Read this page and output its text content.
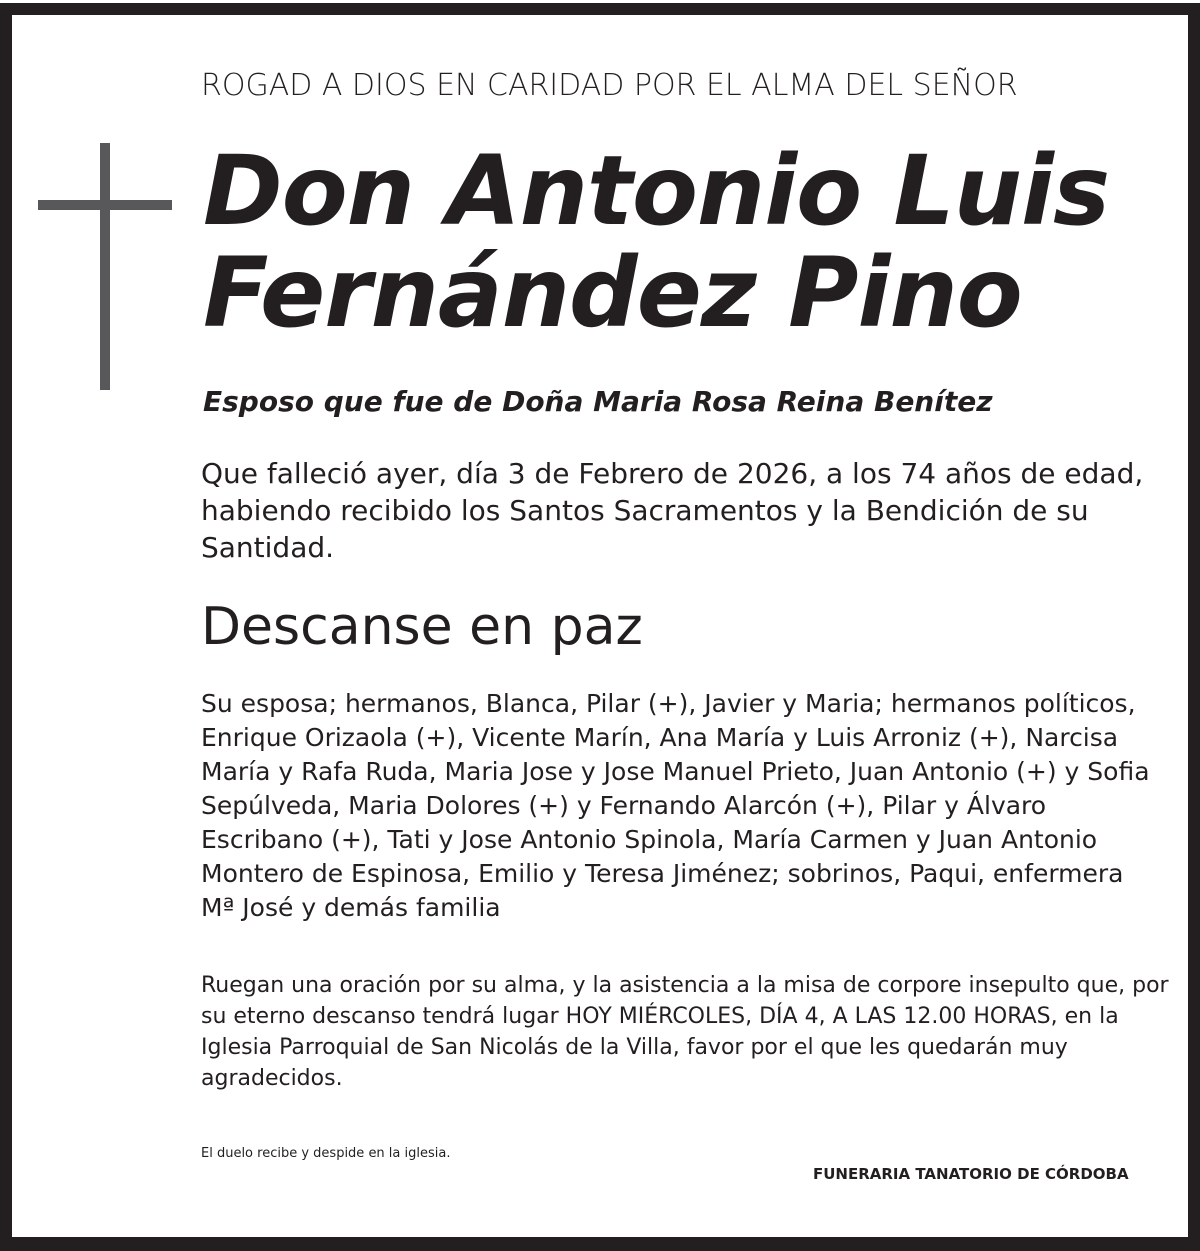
ROGAD A DIOS EN CARIDAD POR EL ALMA DEL SEÑOR
Don Antonio Luis
Fernández Pino
Esposo que fue de Doña Maria Rosa Reina Benítez
Que falleció ayer, día 3 de Febrero de 2026, a los 74 años de edad, habiendo recibido los Santos Sacramentos y la Bendición de su Santidad.
Descanse en paz
Su esposa; hermanos, Blanca, Pilar (+), Javier y Maria; hermanos políticos, Enrique Orizaola (+), Vicente Marín, Ana María y Luis Arroniz (+), Narcisa María y Rafa Ruda, Maria Jose y Jose Manuel Prieto, Juan Antonio (+) y Sofia Sepúlveda, Maria Dolores (+) y Fernando Alarcón (+), Pilar y Álvaro Escribano (+), Tati y Jose Antonio Spinola, María Carmen y Juan Antonio Montero de Espinosa, Emilio y Teresa Jiménez; sobrinos, Paqui, enfermera Mª José y demás familia
Ruegan una oración por su alma, y la asistencia a la misa de corpore insepulto que, por su eterno descanso tendrá lugar HOY MIÉRCOLES, DÍA 4, A LAS 12.00 HORAS, en la Iglesia Parroquial de San Nicolás de la Villa, favor por el que les quedarán muy agradecidos.
El duelo recibe y despide en la iglesia.
FUNERARIA TANATORIO DE CÓRDOBA
